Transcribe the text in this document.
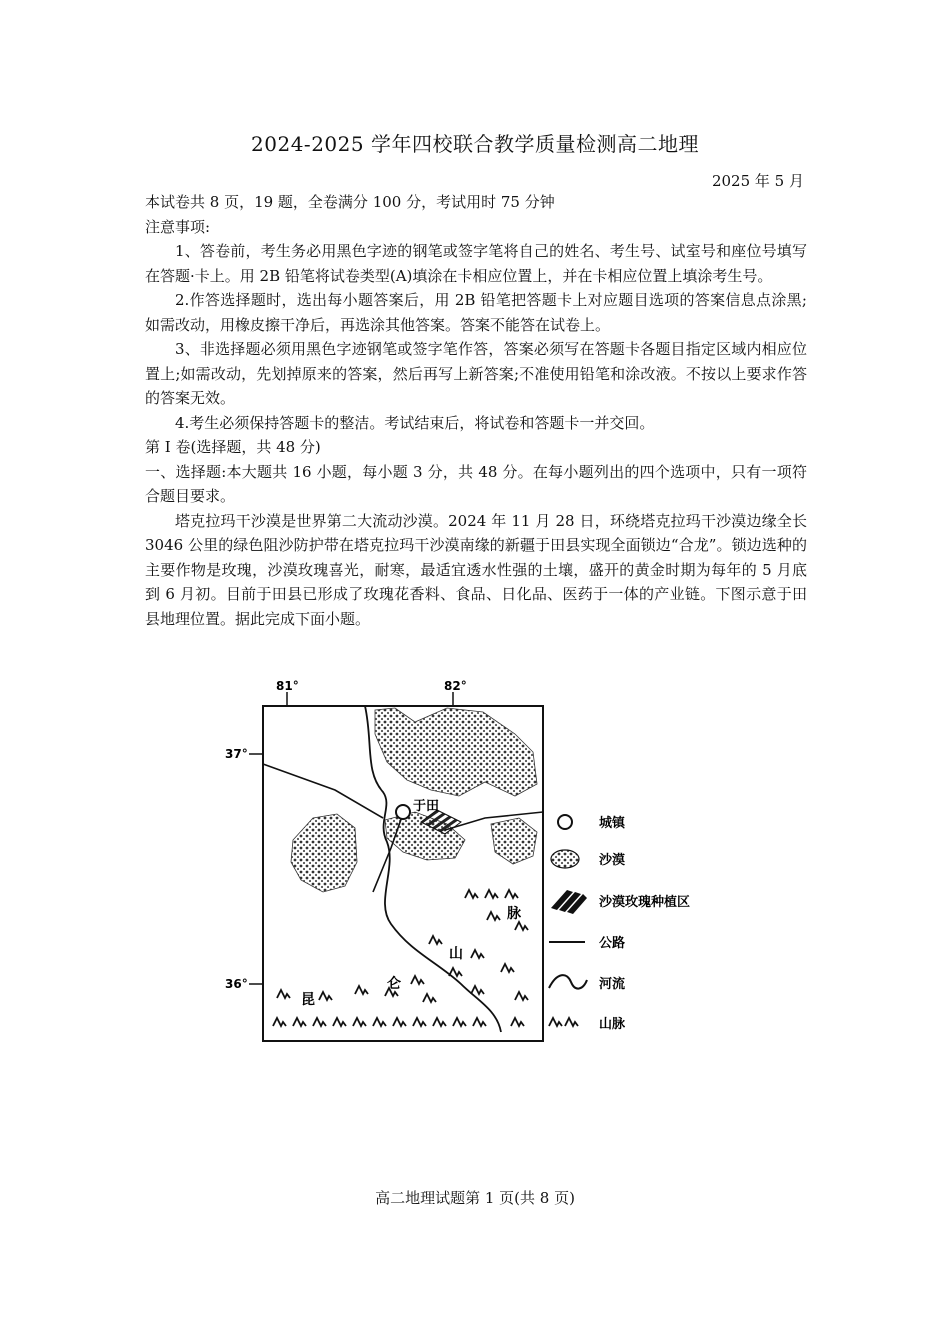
2024-2025 学年四校联合教学质量检测高二地理
2025 年 5 月

本试卷共 8 页，19 题，全卷满分 100 分，考试用时 75 分钟

注意事项:

1、答卷前，考生务必用黑色字迹的钢笔或签字笔将自己的姓名、考生号、试室号和座位号填写在答题·卡上。用 2B 铅笔将试卷类型(A)填涂在卡相应位置上，并在卡相应位置上填涂考生号。

2.作答选择题时，选出每小题答案后，用 2B 铅笔把答题卡上对应题目选项的答案信息点涂黑;如需改动，用橡皮擦干净后，再选涂其他答案。答案不能答在试卷上。

3、非选择题必须用黑色字迹钢笔或签字笔作答，答案必须写在答题卡各题目指定区域内相应位置上;如需改动，先划掉原来的答案，然后再写上新答案;不准使用铅笔和涂改液。不按以上要求作答的答案无效。

4.考生必须保持答题卡的整洁。考试结束后，将试卷和答题卡一并交回。

第 I 卷(选择题，共 48 分)

一、选择题:本大题共 16 小题，每小题 3 分，共 48 分。在每小题列出的四个选项中，只有一项符合题目要求。

塔克拉玛干沙漠是世界第二大流动沙漠。2024 年 11 月 28 日，环绕塔克拉玛干沙漠边缘全长 3046 公里的绿色阻沙防护带在塔克拉玛干沙漠南缘的新疆于田县实现全面锁边“合龙”。锁边选种的主要作物是玫瑰，沙漠玫瑰喜光，耐寒，最适宜透水性强的土壤，盛开的黄金时期为每年的 5 月底到 6 月初。目前于田县已形成了玫瑰花香料、食品、日化品、医药于一体的产业链。下图示意于田县地理位置。据此完成下面小题。

81°	82°
37°
36°
于田
昆
仑
山
脉
城镇
沙漠
沙漠玫瑰种植区
公路
河流
山脉
高二地理试题第 1 页(共 8 页)
